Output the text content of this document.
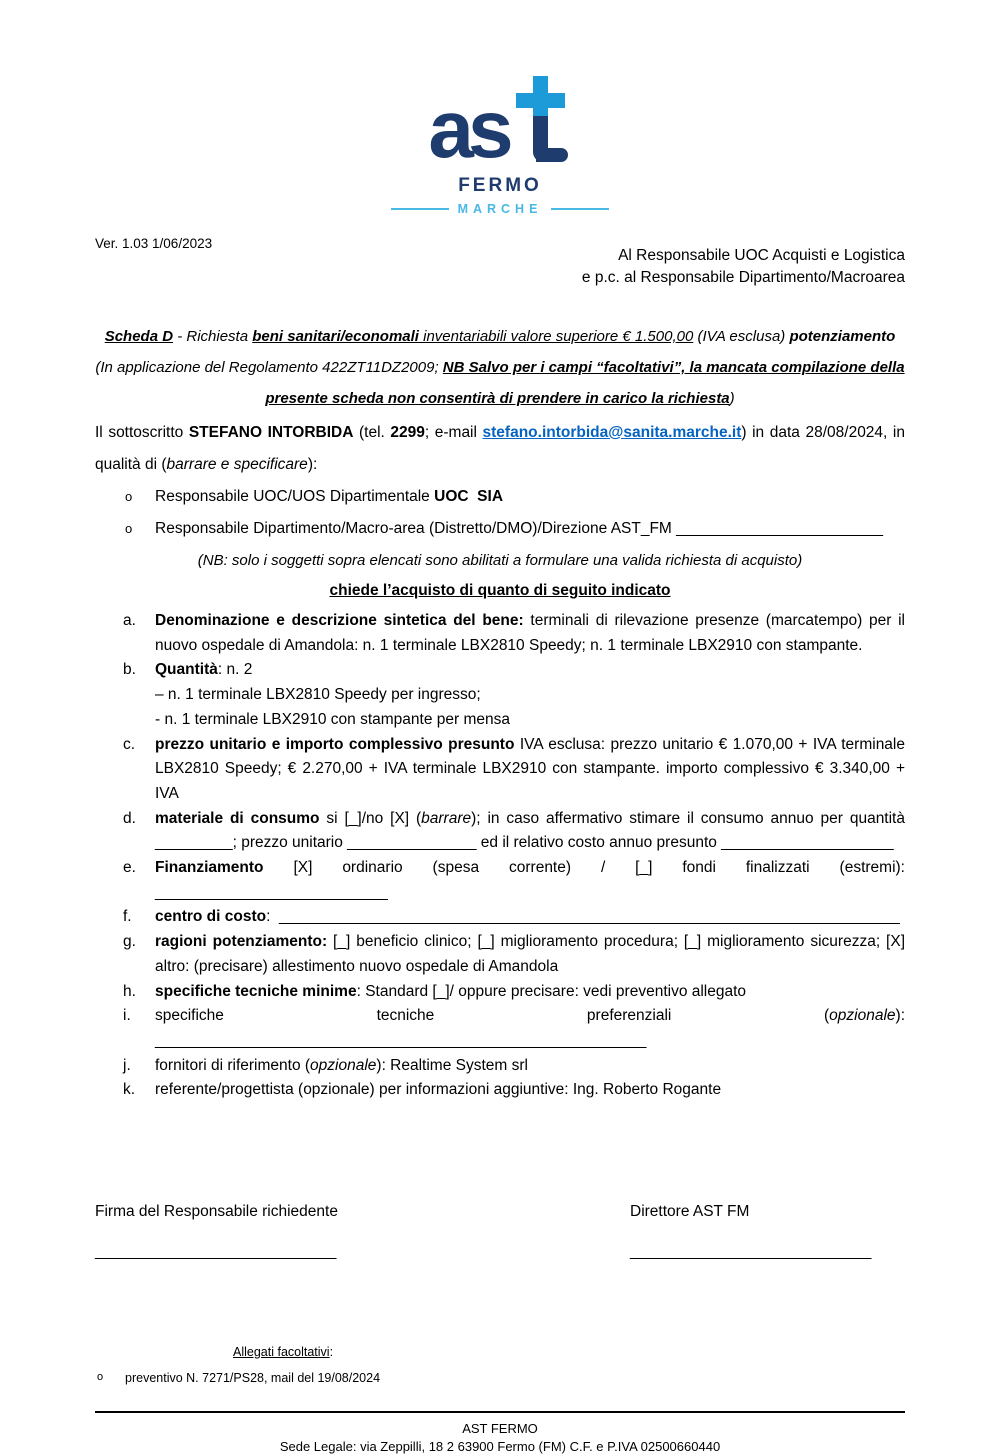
as
FERMO
MARCHE
Ver. 1.03 1/06/2023
Al Responsabile UOC Acquisti e Logistica
e p.c. al Responsabile Dipartimento/Macroarea
Scheda D - Richiesta beni sanitari/economali inventariabili valore superiore € 1.500,00 (IVA esclusa) potenziamento
(In applicazione del Regolamento 422ZT11DZ2009; NB Salvo per i campi “facoltativi”, la mancata compilazione della
presente scheda non consentirà di prendere in carico la richiesta)
Il sottoscritto STEFANO INTORBIDA (tel. 2299; e-mail stefano.intorbida@sanita.marche.it) in data 28/08/2024, in qualità di (barrare e specificare):
o Responsabile UOC/UOS Dipartimentale UOC  SIA
o Responsabile Dipartimento/Macro-area (Distretto/DMO)/Direzione AST_FM ________________________
(NB: solo i soggetti sopra elencati sono abilitati a formulare una valida richiesta di acquisto)
chiede l’acquisto di quanto di seguito indicato
a. Denominazione e descrizione sintetica del bene: terminali di rilevazione presenze (marcatempo) per il nuovo ospedale di Amandola: n. 1 terminale LBX2810 Speedy; n. 1 terminale LBX2910 con stampante.
b. Quantità: n. 2
– n. 1 terminale LBX2810 Speedy per ingresso;
- n. 1 terminale LBX2910 con stampante per mensa
c. prezzo unitario e importo complessivo presunto IVA esclusa: prezzo unitario € 1.070,00 + IVA terminale LBX2810 Speedy; € 2.270,00 + IVA terminale LBX2910 con stampante. importo complessivo € 3.340,00 + IVA
d. materiale di consumo si [_]/no [X] (barrare); in caso affermativo stimare il consumo annuo per quantità _________; prezzo unitario _______________ ed il relativo costo annuo presunto ____________________
e. Finanziamento [X] ordinario (spesa corrente) / [_] fondi finalizzati (estremi): ___________________________
f. centro di costo:  ________________________________________________________________________
g. ragioni potenziamento: [_] beneficio clinico; [_] miglioramento procedura; [_] miglioramento sicurezza; [X] altro: (precisare) allestimento nuovo ospedale di Amandola
h. specifiche tecniche minime: Standard [_]/ oppure precisare: vedi preventivo allegato
i. specifiche tecniche preferenziali (opzionale): _________________________________________________________
j. fornitori di riferimento (opzionale): Realtime System srl
k. referente/progettista (opzionale) per informazioni aggiuntive: Ing. Roberto Rogante
Firma del Responsabile richiedente
____________________________
Direttore AST FM
____________________________
Allegati facoltativi:
o preventivo N. 7271/PS28, mail del 19/08/2024
AST FERMO
Sede Legale: via Zeppilli, 18 2 63900 Fermo (FM) C.F. e P.IVA 02500660440
